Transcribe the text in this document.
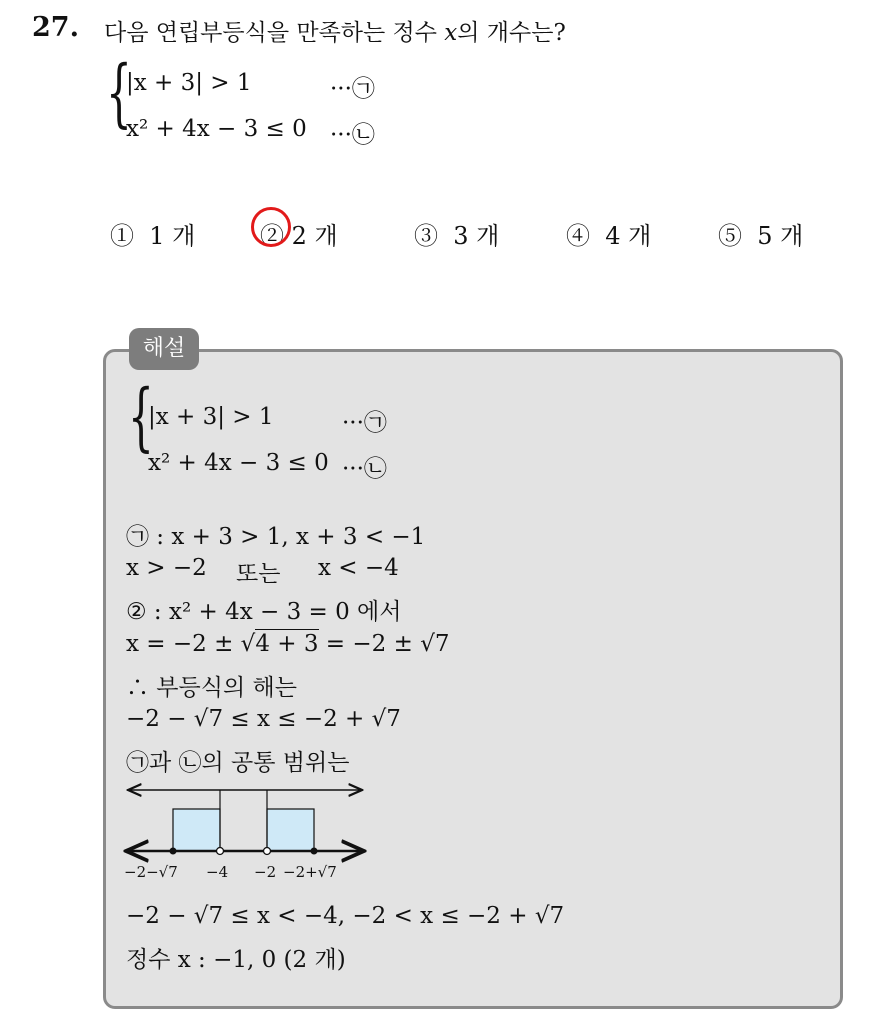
27. 다음 연립부등식을 만족하는 정수 x의 개수는?
{
|x + 3| > 1	···㉠
x² + 4x − 3 ≤ 0 ···㉡
① 1 개	② 2 개	③ 3 개	④ 4 개	⑤ 5 개
해설
{
|x + 3| > 1	···㉠
x² + 4x − 3 ≤ 0 ···㉡
㉠ : x + 3 > 1, x + 3 < −1
x > −2 또는 x < −4
② : x² + 4x − 3 = 0 에서
x = −2 ± √4 + 3 = −2 ± √7
∴ 부등식의 해는
−2 − √7 ≤ x ≤ −2 + √7
㉠과 ㉡의 공통 범위는
−2−√7 −4 −2 −2+√7
−2 − √7 ≤ x < −4, −2 < x ≤ −2 + √7
정수 x : −1, 0 (2 개)
